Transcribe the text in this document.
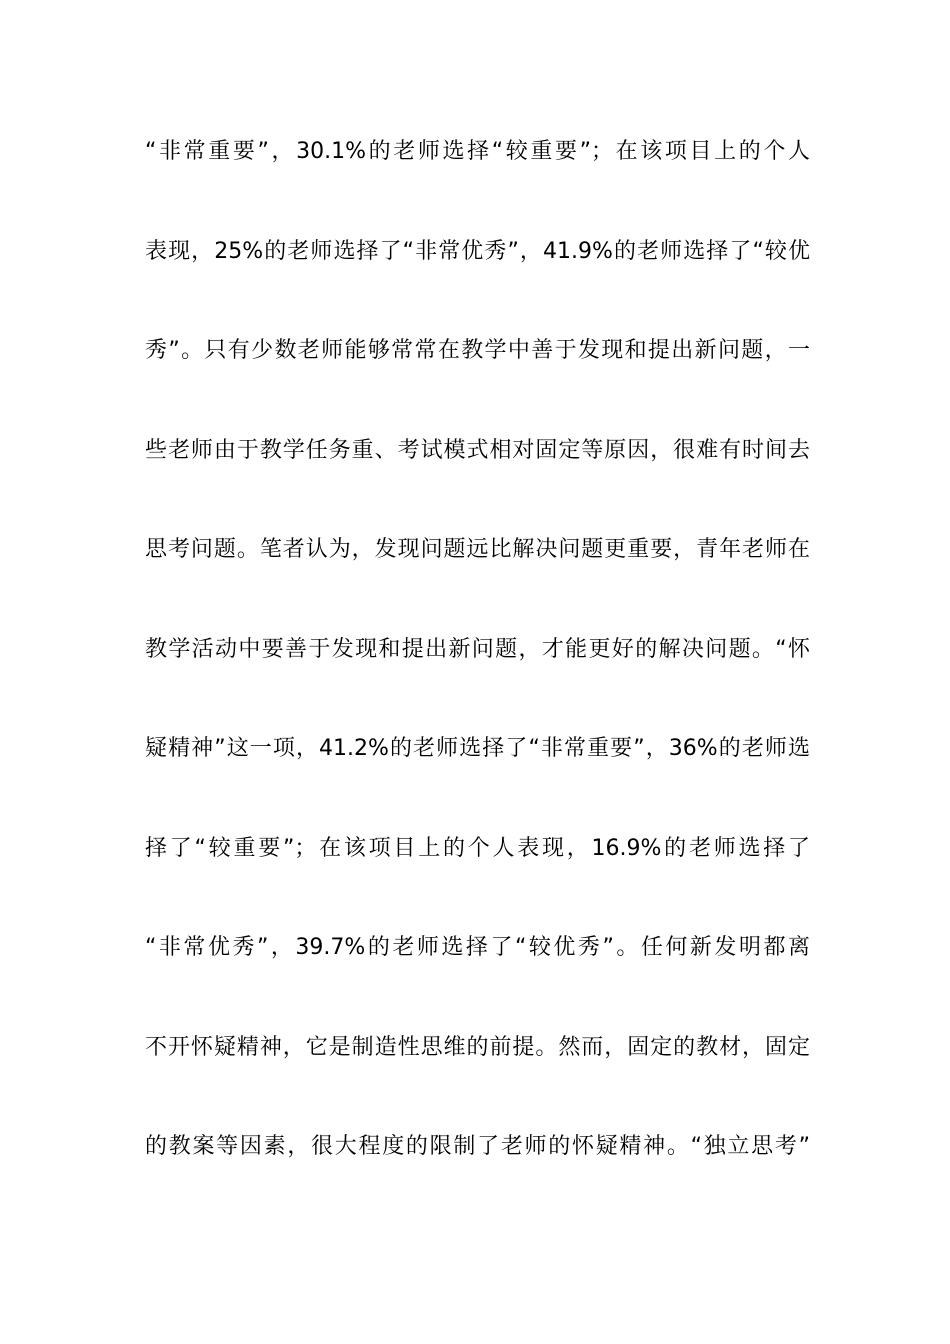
“非常重要”，30.1%的老师选择“较重要”；在该项目上的个人
表现，25%的老师选择了“非常优秀”，41.9%的老师选择了“较优
秀”。只有少数老师能够常常在教学中善于发现和提出新问题，一
些老师由于教学任务重、考试模式相对固定等原因，很难有时间去
思考问题。笔者认为，发现问题远比解决问题更重要，青年老师在
教学活动中要善于发现和提出新问题，才能更好的解决问题。“怀
疑精神”这一项，41.2%的老师选择了“非常重要”，36%的老师选
择了“较重要”；在该项目上的个人表现，16.9%的老师选择了
“非常优秀”，39.7%的老师选择了“较优秀”。任何新发明都离
不开怀疑精神，它是制造性思维的前提。然而，固定的教材，固定
的教案等因素，很大程度的限制了老师的怀疑精神。“独立思考”
